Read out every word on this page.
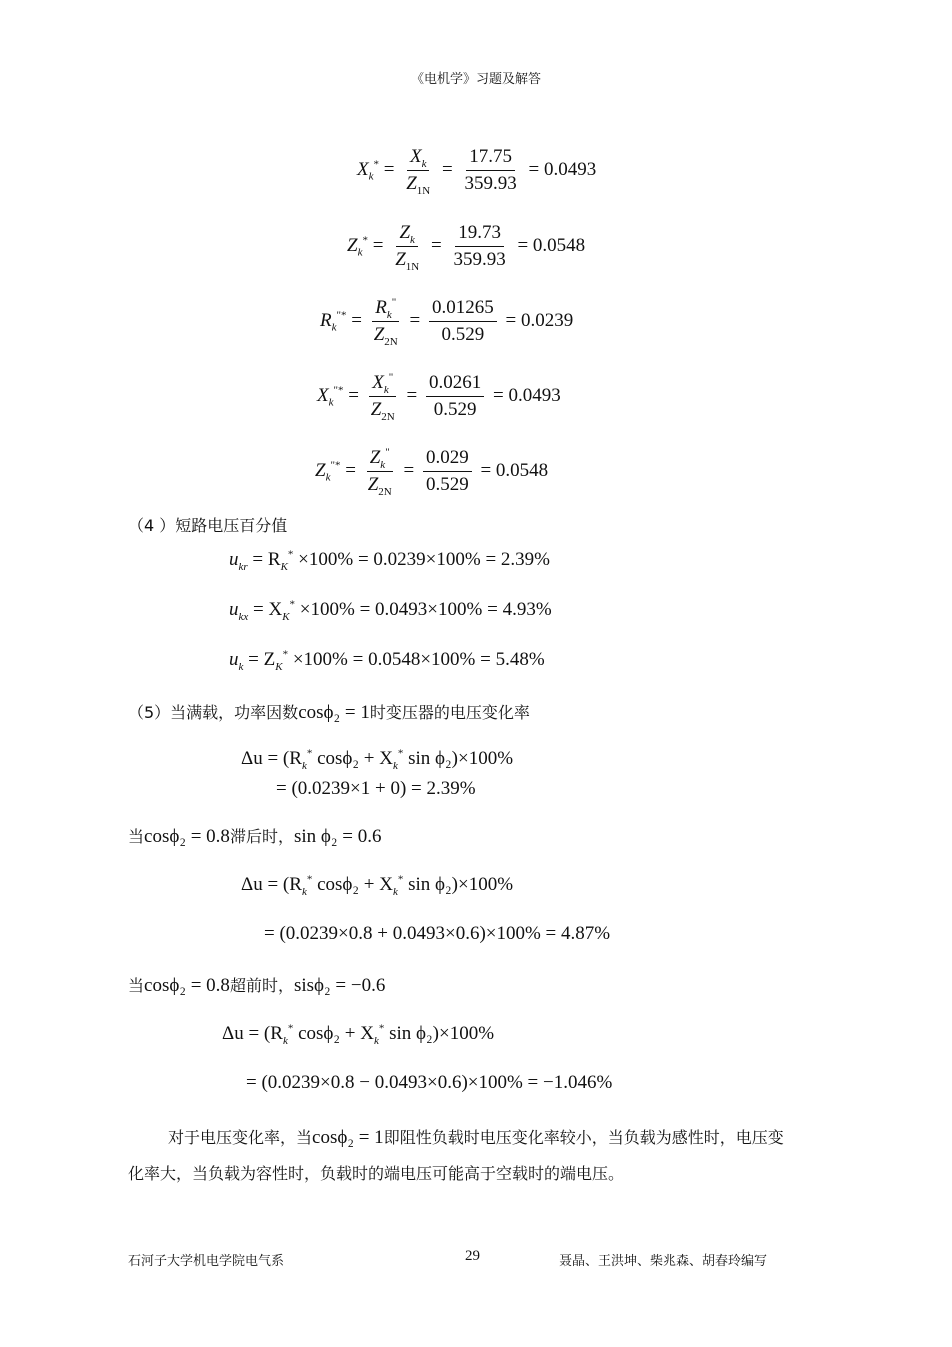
《电机学》习题及解答
$X_k^* = \frac{X_k}{Z_{1N}} = \frac{17.75}{359.93} = 0.0493$
$Z_k^* = \frac{Z_k}{Z_{1N}} = \frac{19.73}{359.93} = 0.0548$
$R_k^{"*} = \frac{R_k^"}{Z_{2N}} = \frac{0.01265}{0.529} = 0.0239$
$X_k^{"*} = \frac{X_k^"}{Z_{2N}} = \frac{0.0261}{0.529} = 0.0493$
$Z_k^{"*} = \frac{Z_k^"}{Z_{2N}} = \frac{0.029}{0.529} = 0.0548$
（4 ）短路电压百分值
$u_{kr} = R_K^* \times 100\% = 0.0239\times 100\% = 2.39\%$
$u_{kx} = X_K^* \times 100\% = 0.0493\times 100\% = 4.93\%$
$u_k = Z_K^* \times 100\% = 0.0548\times 100\% = 5.48\%$
（5）当满载，功率因数cosϕ₂ = 1时变压器的电压变化率
$\Delta u = (R_k^*$ $\cos\phi_2 + X_k^*$ sin ϕ₂)×100%
= (0.0239×1 + 0) = 2.39%
当cosϕ₂ = 0.8滞后时，sin ϕ₂ = 0.6
$\Delta u = (R_k^*$ $\cos\phi_2 + X_k^*$ sin ϕ₂)×100%
= (0.0239×0.8 + 0.0493×0.6)×100% = 4.87%
当cosϕ₂ = 0.8超前时，sisϕ₂ = −0.6
$\Delta u = (R_k^*$ $\cos\phi_2 + X_k^*$ sin ϕ₂)×100%
= (0.0239×0.8 − 0.0493×0.6)×100% = −1.046%
对于电压变化率，当cosϕ₂ = 1即阻性负载时电压变化率较小，当负载为感性时，电压变
化率大，当负载为容性时，负载时的端电压可能高于空载时的端电压。
石河子大学机电学院电气系	29	聂晶、王洪坤、柴兆森、胡春玲编写
